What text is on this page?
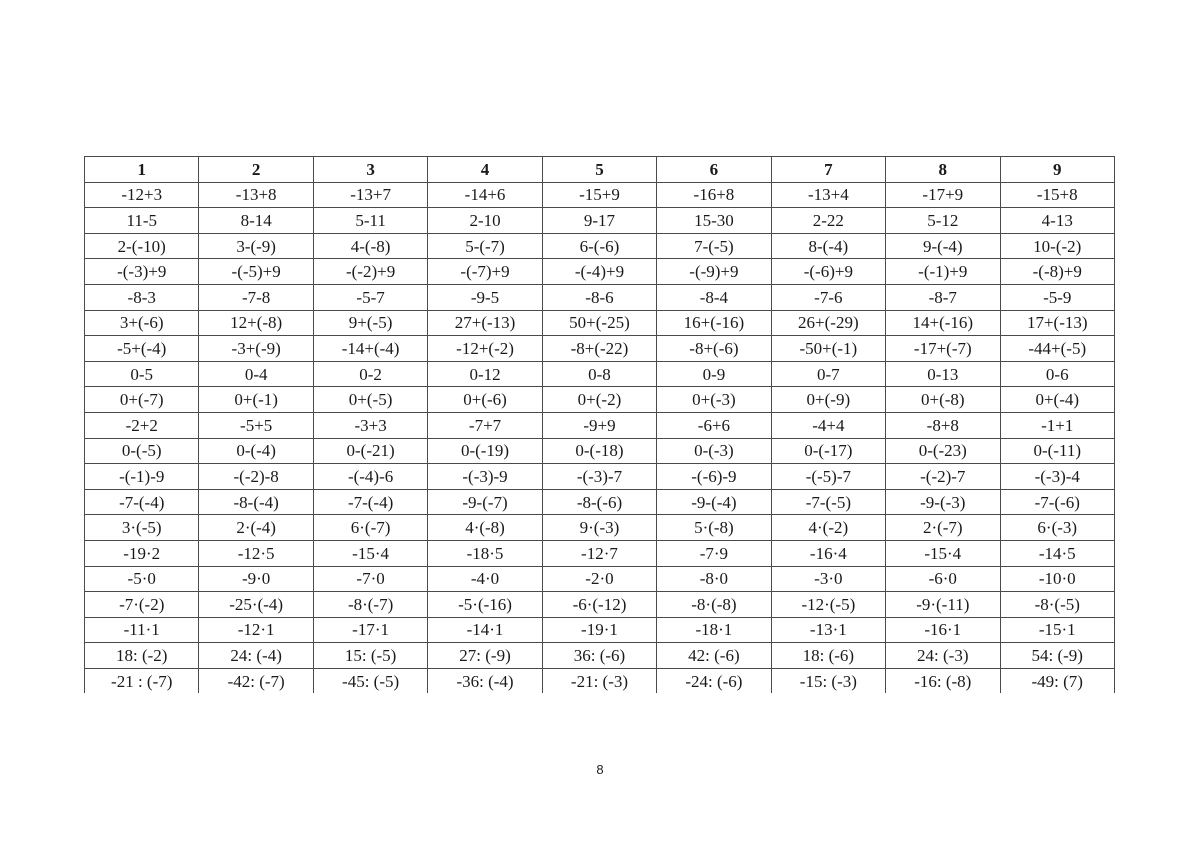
1	2	3	4	5	6	7	8	9
-12+3	-13+8	-13+7	-14+6	-15+9	-16+8	-13+4	-17+9	-15+8
11-5	8-14	5-11	2-10	9-17	15-30	2-22	5-12	4-13
2-(-10)	3-(-9)	4-(-8)	5-(-7)	6-(-6)	7-(-5)	8-(-4)	9-(-4)	10-(-2)
-(-3)+9	-(-5)+9	-(-2)+9	-(-7)+9	-(-4)+9	-(-9)+9	-(-6)+9	-(-1)+9	-(-8)+9
-8-3	-7-8	-5-7	-9-5	-8-6	-8-4	-7-6	-8-7	-5-9
3+(-6)	12+(-8)	9+(-5)	27+(-13)	50+(-25)	16+(-16)	26+(-29)	14+(-16)	17+(-13)
-5+(-4)	-3+(-9)	-14+(-4)	-12+(-2)	-8+(-22)	-8+(-6)	-50+(-1)	-17+(-7)	-44+(-5)
0-5	0-4	0-2	0-12	0-8	0-9	0-7	0-13	0-6
0+(-7)	0+(-1)	0+(-5)	0+(-6)	0+(-2)	0+(-3)	0+(-9)	0+(-8)	0+(-4)
-2+2	-5+5	-3+3	-7+7	-9+9	-6+6	-4+4	-8+8	-1+1
0-(-5)	0-(-4)	0-(-21)	0-(-19)	0-(-18)	0-(-3)	0-(-17)	0-(-23)	0-(-11)
-(-1)-9	-(-2)-8	-(-4)-6	-(-3)-9	-(-3)-7	-(-6)-9	-(-5)-7	-(-2)-7	-(-3)-4
-7-(-4)	-8-(-4)	-7-(-4)	-9-(-7)	-8-(-6)	-9-(-4)	-7-(-5)	-9-(-3)	-7-(-6)
3·(-5)	2·(-4)	6·(-7)	4·(-8)	9·(-3)	5·(-8)	4·(-2)	2·(-7)	6·(-3)
-19·2	-12·5	-15·4	-18·5	-12·7	-7·9	-16·4	-15·4	-14·5
-5·0	-9·0	-7·0	-4·0	-2·0	-8·0	-3·0	-6·0	-10·0
-7·(-2)	-25·(-4)	-8·(-7)	-5·(-16)	-6·(-12)	-8·(-8)	-12·(-5)	-9·(-11)	-8·(-5)
-11·1	-12·1	-17·1	-14·1	-19·1	-18·1	-13·1	-16·1	-15·1
18: (-2)	24: (-4)	15: (-5)	27: (-9)	36: (-6)	42: (-6)	18: (-6)	24: (-3)	54: (-9)
-21 : (-7)	-42: (-7)	-45: (-5)	-36: (-4)	-21: (-3)	-24: (-6)	-15: (-3)	-16: (-8)	-49: (7)
8
